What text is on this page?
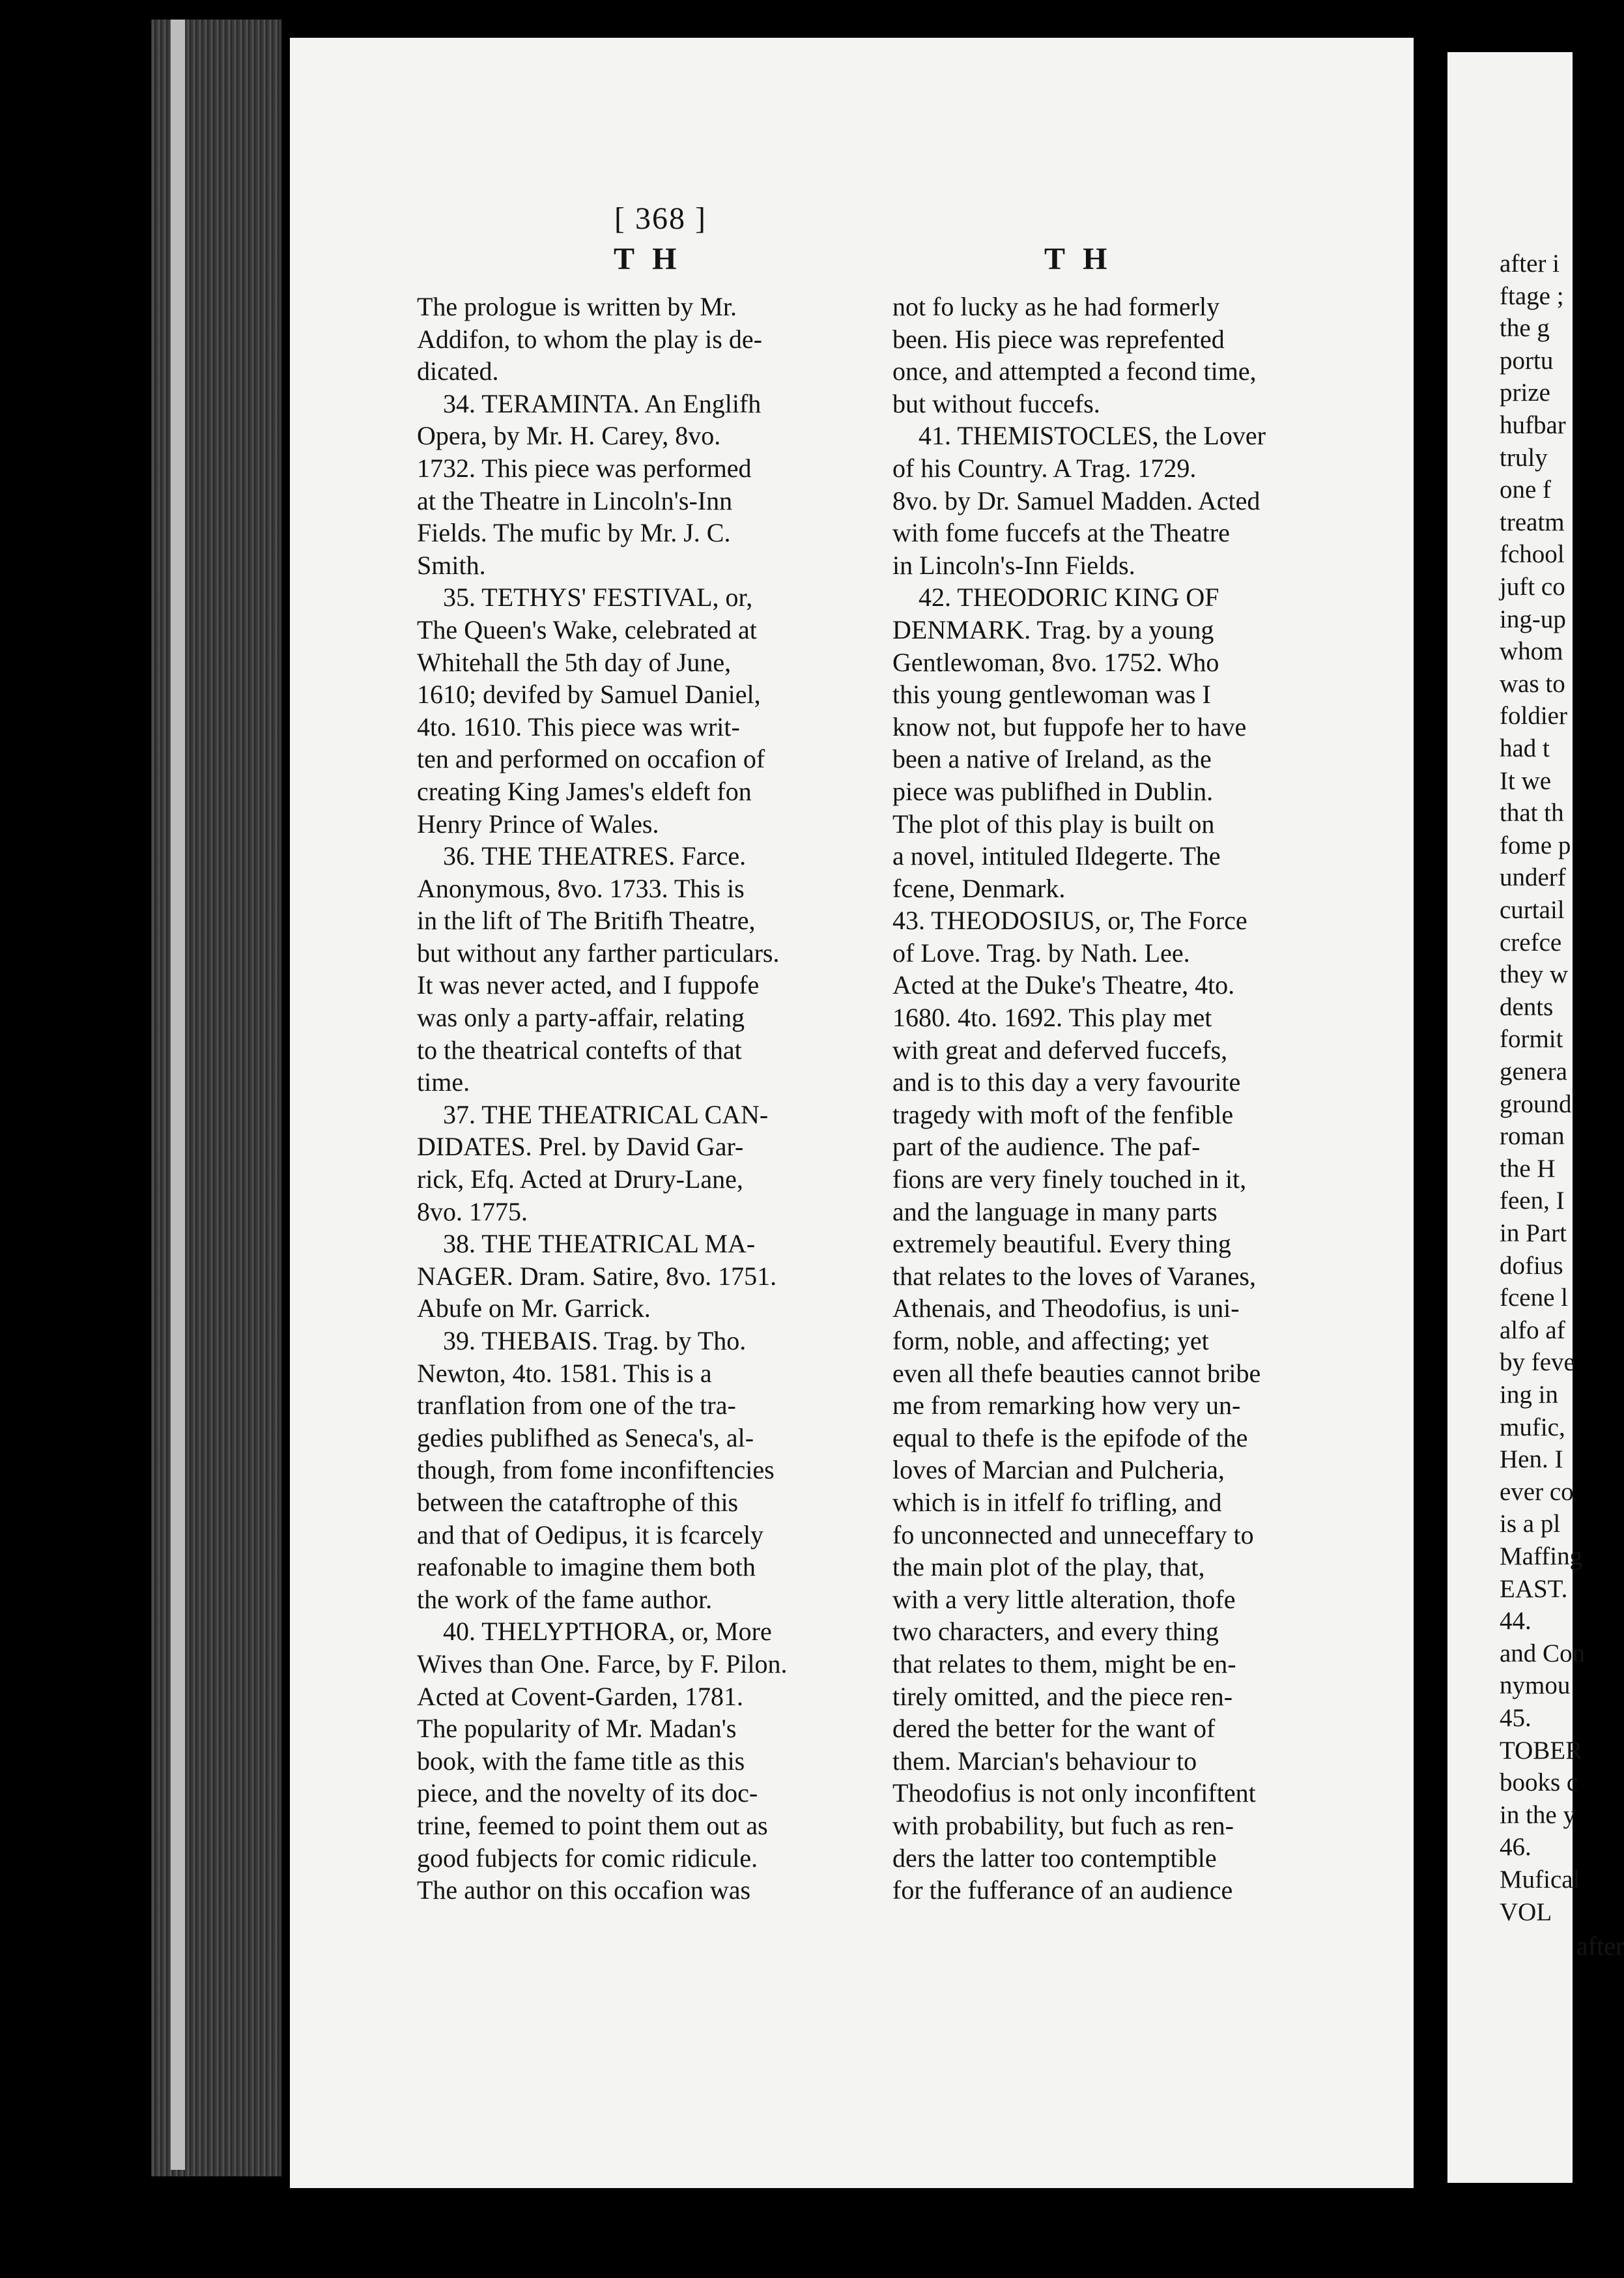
[ 368 ]
T H	T H

The prologue is written by Mr.
Addifon, to whom the play is de-
dicated.

34. TERAMINTA. An Englifh
Opera, by Mr. H. Carey, 8vo.
1732. This piece was performed
at the Theatre in Lincoln's-Inn
Fields. The mufic by Mr. J. C.
Smith.

35. TETHYS' FESTIVAL, or,
The Queen's Wake, celebrated at
Whitehall the 5th day of June,
1610; devifed by Samuel Daniel,
4to. 1610. This piece was writ-
ten and performed on occafion of
creating King James's eldeft fon
Henry Prince of Wales.

36. THE THEATRES. Farce.
Anonymous, 8vo. 1733. This is
in the lift of The Britifh Theatre,
but without any farther particulars.
It was never acted, and I fuppofe
was only a party-affair, relating
to the theatrical contefts of that
time.

37. THE THEATRICAL CAN-
DIDATES. Prel. by David Gar-
rick, Efq. Acted at Drury-Lane,
8vo. 1775.

38. THE THEATRICAL MA-
NAGER. Dram. Satire, 8vo. 1751.
Abufe on Mr. Garrick.

39. THEBAIS. Trag. by Tho.
Newton, 4to. 1581. This is a
tranflation from one of the tra-
gedies publifhed as Seneca's, al-
though, from fome inconfiftencies
between the cataftrophe of this
and that of Oedipus, it is fcarcely
reafonable to imagine them both
the work of the fame author.

40. THELYPTHORA, or, More
Wives than One. Farce, by F. Pilon.
Acted at Covent-Garden, 1781.
The popularity of Mr. Madan's
book, with the fame title as this
piece, and the novelty of its doc-
trine, feemed to point them out as
good fubjects for comic ridicule.
The author on this occafion was

not fo lucky as he had formerly
been. His piece was reprefented
once, and attempted a fecond time,
but without fuccefs.

41. THEMISTOCLES, the Lover
of his Country. A Trag. 1729.
8vo. by Dr. Samuel Madden. Acted
with fome fuccefs at the Theatre
in Lincoln's-Inn Fields.

42. THEODORIC KING OF
DENMARK. Trag. by a young
Gentlewoman, 8vo. 1752. Who
this young gentlewoman was I
know not, but fuppofe her to have
been a native of Ireland, as the
piece was publifhed in Dublin.
The plot of this play is built on
a novel, intituled Ildegerte. The
fcene, Denmark.

43. THEODOSIUS, or, The Force
of Love. Trag. by Nath. Lee.
Acted at the Duke's Theatre, 4to.
1680. 4to. 1692. This play met
with great and deferved fuccefs,
and is to this day a very favourite
tragedy with moft of the fenfible
part of the audience. The paf-
fions are very finely touched in it,
and the language in many parts
extremely beautiful. Every thing
that relates to the loves of Varanes,
Athenais, and Theodofius, is uni-
form, noble, and affecting; yet
even all thefe beauties cannot bribe
me from remarking how very un-
equal to thefe is the epifode of the
loves of Marcian and Pulcheria,
which is in itfelf fo trifling, and
fo unconnected and unneceffary to
the main plot of the play, that,
with a very little alteration, thofe
two characters, and every thing
that relates to them, might be en-
tirely omitted, and the piece ren-
dered the better for the want of
them. Marcian's behaviour to
Theodofius is not only inconfiftent
with probability, but fuch as ren-
ders the latter too contemptible
for the fufferance of an audience

after
after i
ftage ;
the g
portu
prize
hufbar
truly
one f
treatm
fchool
juft co
ing-up
whom
was to
foldier
had t
It we
that th
fome p
underf
curtail
crefce
they w
dents
formit
genera
ground
roman
the H
feen, I
in Part
dofius
fcene l
alfo af
by feve
ing in
mufic,
Hen. I
ever co
is a pl
Maffing
EAST.
44.
and Con
nymou
45.
TOBER
books c
in the y
46.
Mufical
VOL
